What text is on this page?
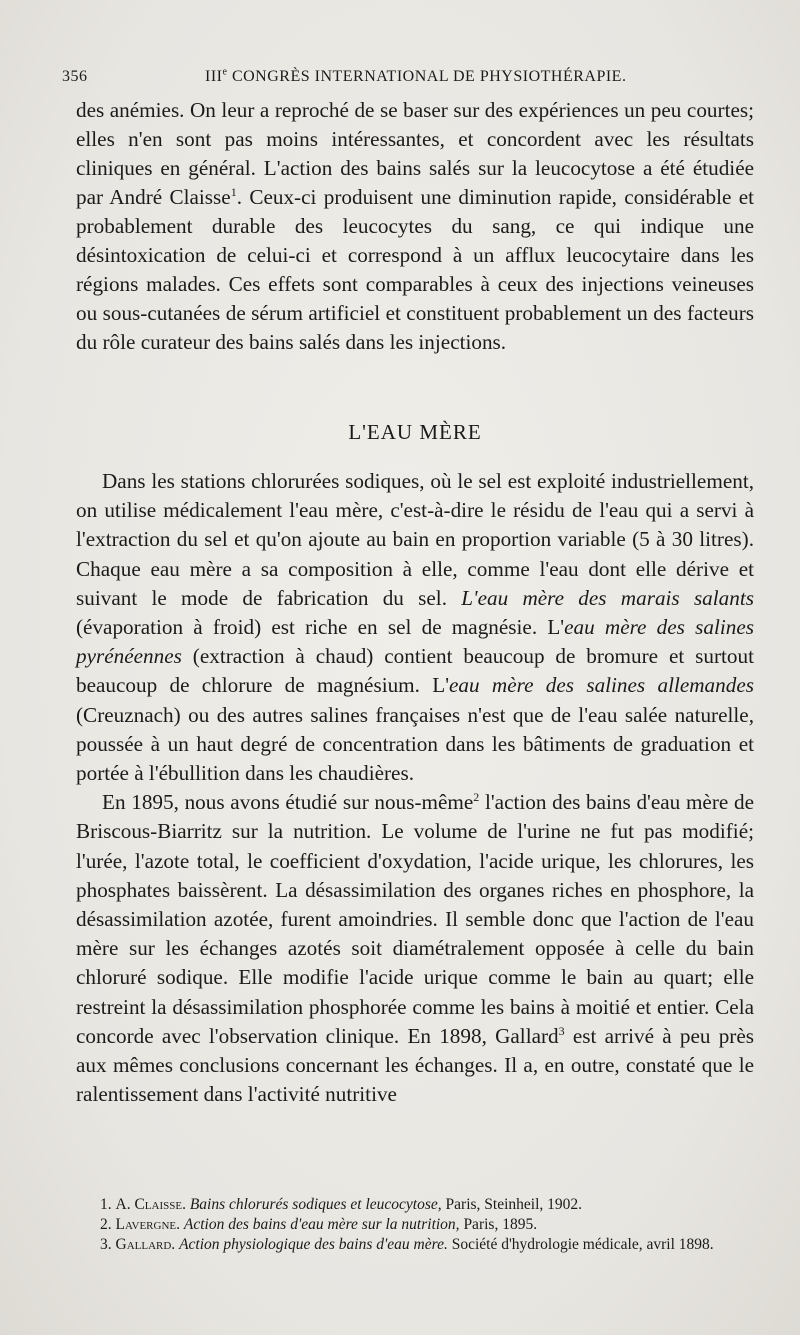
356	IIIe CONGRÈS INTERNATIONAL DE PHYSIOTHÉRAPIE.

des anémies. On leur a reproché de se baser sur des expériences un peu courtes; elles n'en sont pas moins intéressantes, et concordent avec les résultats cliniques en général. L'action des bains salés sur la leucocytose a été étudiée par André Claisse$^1$. Ceux-ci produisent une diminution rapide, considérable et probablement durable des leucocytes du sang, ce qui indique une désintoxication de celui-ci et correspond à un afflux leucocytaire dans les régions malades. Ces effets sont comparables à ceux des injections veineuses ou sous-cutanées de sérum artificiel et constituent probablement un des facteurs du rôle curateur des bains salés dans les injections.

L'EAU MÈRE

Dans les stations chlorurées sodiques, où le sel est exploité industriellement, on utilise médicalement l'eau mère, c'est-à-dire le résidu de l'eau qui a servi à l'extraction du sel et qu'on ajoute au bain en proportion variable (5 à 30 litres). Chaque eau mère a sa composition à elle, comme l'eau dont elle dérive et suivant le mode de fabrication du sel. L'eau mère des marais salants (évaporation à froid) est riche en sel de magnésie. L'eau mère des salines pyrénéennes (extraction à chaud) contient beaucoup de bromure et surtout beaucoup de chlorure de magnésium. L'eau mère des salines allemandes (Creuznach) ou des autres salines françaises n'est que de l'eau salée naturelle, poussée à un haut degré de concentration dans les bâtiments de graduation et portée à l'ébullition dans les chaudières.

En 1895, nous avons étudié sur nous-même$^2$ l'action des bains d'eau mère de Briscous-Biarritz sur la nutrition. Le volume de l'urine ne fut pas modifié; l'urée, l'azote total, le coefficient d'oxydation, l'acide urique, les chlorures, les phosphates baissèrent. La désassimilation des organes riches en phosphore, la désassimilation azotée, furent amoindries. Il semble donc que l'action de l'eau mère sur les échanges azotés soit diamétralement opposée à celle du bain chloruré sodique. Elle modifie l'acide urique comme le bain au quart; elle restreint la désassimilation phosphorée comme les bains à moitié et entier. Cela concorde avec l'observation clinique. En 1898, Gallard$^3$ est arrivé à peu près aux mêmes conclusions concernant les échanges. Il a, en outre, constaté que le ralentissement dans l'activité nutritive

1. A. Claisse. Bains chlorurés sodiques et leucocytose, Paris, Steinheil, 1902.

2. Lavergne. Action des bains d'eau mère sur la nutrition, Paris, 1895.

3. Gallard. Action physiologique des bains d'eau mère. Société d'hydrologie médicale, avril 1898.
